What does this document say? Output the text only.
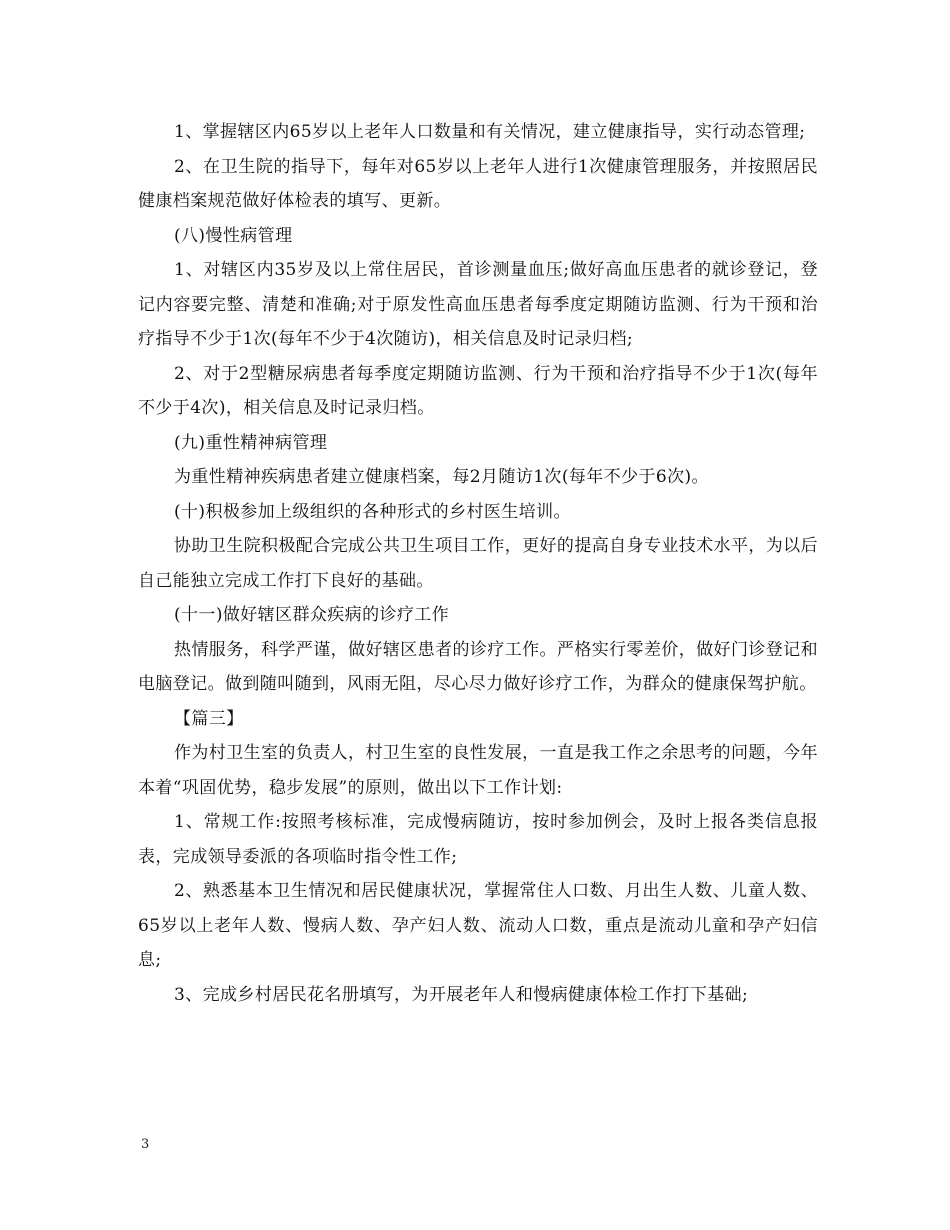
1、掌握辖区内65岁以上老年人口数量和有关情况，建立健康指导，实行动态管理;

2、在卫生院的指导下，每年对65岁以上老年人进行1次健康管理服务，并按照居民健康档案规范做好体检表的填写、更新。

(八)慢性病管理

1、对辖区内35岁及以上常住居民，首诊测量血压;做好高血压患者的就诊登记，登记内容要完整、清楚和准确;对于原发性高血压患者每季度定期随访监测、行为干预和治疗指导不少于1次(每年不少于4次随访)，相关信息及时记录归档;

2、对于2型糖尿病患者每季度定期随访监测、行为干预和治疗指导不少于1次(每年不少于4次)，相关信息及时记录归档。

(九)重性精神病管理

为重性精神疾病患者建立健康档案，每2月随访1次(每年不少于6次)。

(十)积极参加上级组织的各种形式的乡村医生培训。

协助卫生院积极配合完成公共卫生项目工作，更好的提高自身专业技术水平，为以后自己能独立完成工作打下良好的基础。

(十一)做好辖区群众疾病的诊疗工作

热情服务，科学严谨，做好辖区患者的诊疗工作。严格实行零差价，做好门诊登记和电脑登记。做到随叫随到，风雨无阻，尽心尽力做好诊疗工作，为群众的健康保驾护航。

【篇三】

作为村卫生室的负责人，村卫生室的良性发展，一直是我工作之余思考的问题，今年本着“巩固优势，稳步发展”的原则，做出以下工作计划:

1、常规工作:按照考核标准，完成慢病随访，按时参加例会，及时上报各类信息报表，完成领导委派的各项临时指令性工作;

2、熟悉基本卫生情况和居民健康状况，掌握常住人口数、月出生人数、儿童人数、65岁以上老年人数、慢病人数、孕产妇人数、流动人口数，重点是流动儿童和孕产妇信息;

3、完成乡村居民花名册填写，为开展老年人和慢病健康体检工作打下基础;

3
